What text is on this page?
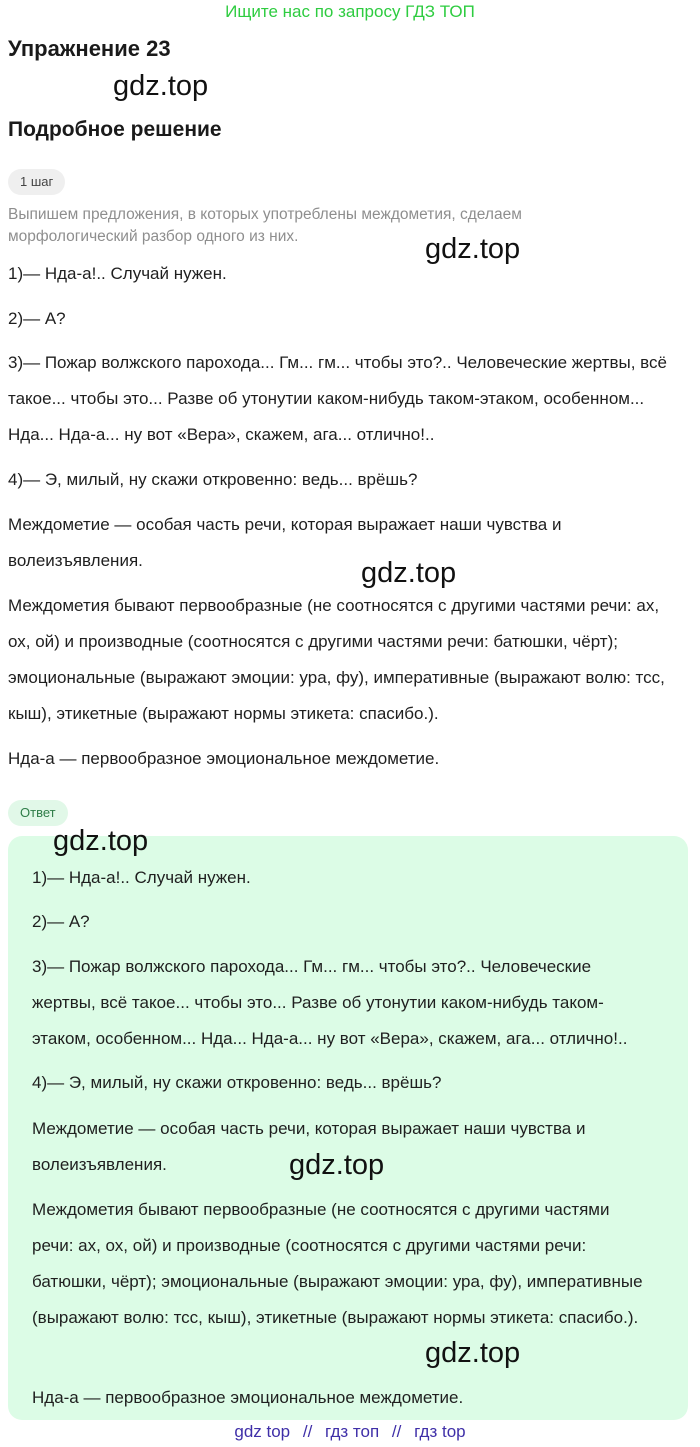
Ищите нас по запросу ГДЗ ТОП
Упражнение 23
gdz.top
Подробное решение
1 шаг

Выпишем предложения, в которых употреблены междометия, сделаем морфологический разбор одного из них.	gdz.top

1)— Нда-а!.. Случай нужен.

2)— А?

3)— Пожар волжского парохода... Гм... гм... чтобы это?.. Человеческие жертвы, всё такое... чтобы это... Разве об утонутии каком-нибудь таком-этаком, особенном... Нда... Нда-а... ну вот «Вера», скажем, ага... отлично!..

4)— Э, милый, ну скажи откровенно: ведь... врёшь?

Междометие — особая часть речи, которая выражает наши чувства и волеизъявления.

Междометия бывают первообразные (не соотносятся с другими частями речи: ах, ох, ой) и производные (соотносятся с другими частями речи: батюшки, чёрт); эмоциональные (выражают эмоции: ура, фу), императивные (выражают волю: тсс, кыш), этикетные (выражают нормы этикета: спасибо.).

Нда-а — первообразное эмоциональное междометие.

gdz.top
Ответ

1)— Нда-а!.. Случай нужен.

2)— А?

3)— Пожар волжского парохода... Гм... гм... чтобы это?.. Человеческие жертвы, всё такое... чтобы это... Разве об утонутии каком-нибудь таком-этаком, особенном... Нда... Нда-а... ну вот «Вера», скажем, ага... отлично!..

4)— Э, милый, ну скажи откровенно: ведь... врёшь?

Междометие — особая часть речи, которая выражает наши чувства и волеизъявления.

Междометия бывают первообразные (не соотносятся с другими частями речи: ах, ох, ой) и производные (соотносятся с другими частями речи: батюшки, чёрт); эмоциональные (выражают эмоции: ура, фу), императивные (выражают волю: тсс, кыш), этикетные (выражают нормы этикета: спасибо.).

Нда-а — первообразное эмоциональное междометие.

gdz.top
gdz.top
gdz.top
gdz top // гдз топ // гдз top
